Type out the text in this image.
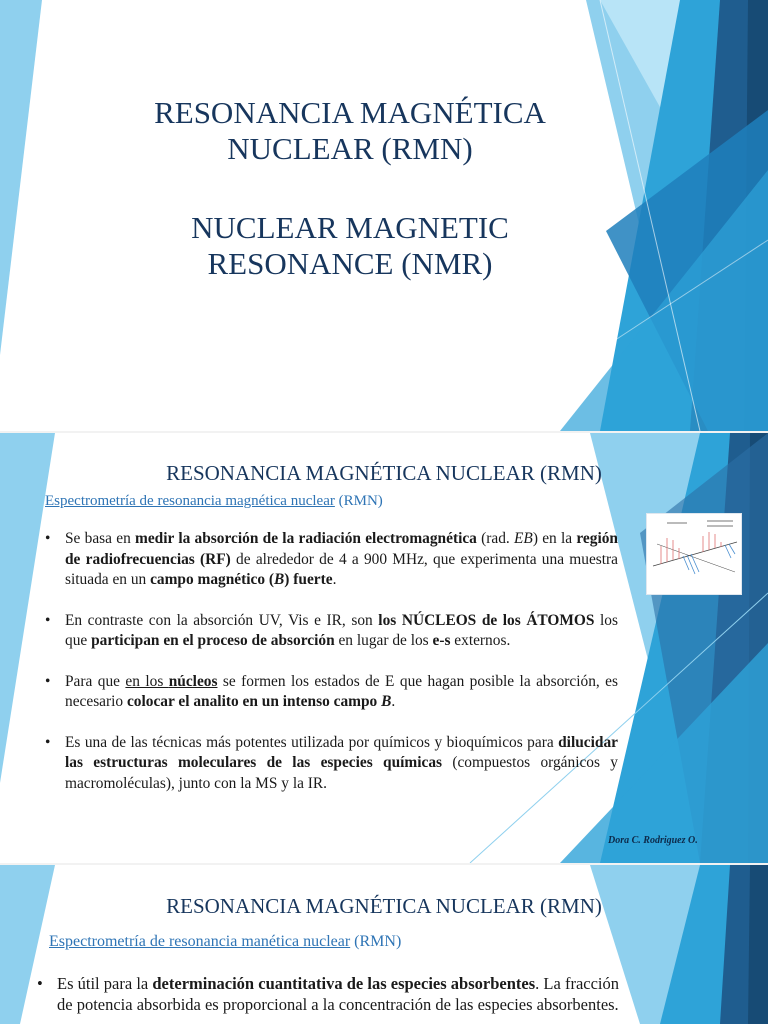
RESONANCIA MAGNÉTICA
NUCLEAR (RMN)
NUCLEAR MAGNETIC
RESONANCE (NMR)
RESONANCIA MAGNÉTICA NUCLEAR (RMN)
Espectrometría de resonancia magnética nuclear (RMN)
• Se basa en medir la absorción de la radiación electromagnética (rad. EB) en la región de radiofrecuencias (RF) de alrededor de 4 a 900 MHz, que experimenta una muestra situada en un campo magnético (B) fuerte.
• En contraste con la absorción UV, Vis e IR, son los NÚCLEOS de los ÁTOMOS los que participan en el proceso de absorción en lugar de los e-s externos.
• Para que en los núcleos se formen los estados de E que hagan posible la absorción, es necesario colocar el analito en un intenso campo B.
• Es una de las técnicas más potentes utilizada por químicos y bioquímicos para dilucidar las estructuras moleculares de las especies químicas (compuestos orgánicos y macromoléculas), junto con la MS y la IR.
Dora C. Rodriguez O.
RESONANCIA MAGNÉTICA NUCLEAR (RMN)
Espectrometría de resonancia manética nuclear (RMN)
• Es útil para la determinación cuantitativa de las especies absorbentes. La fracción de potencia absorbida es proporcional a la concentración de las especies absorbentes.
